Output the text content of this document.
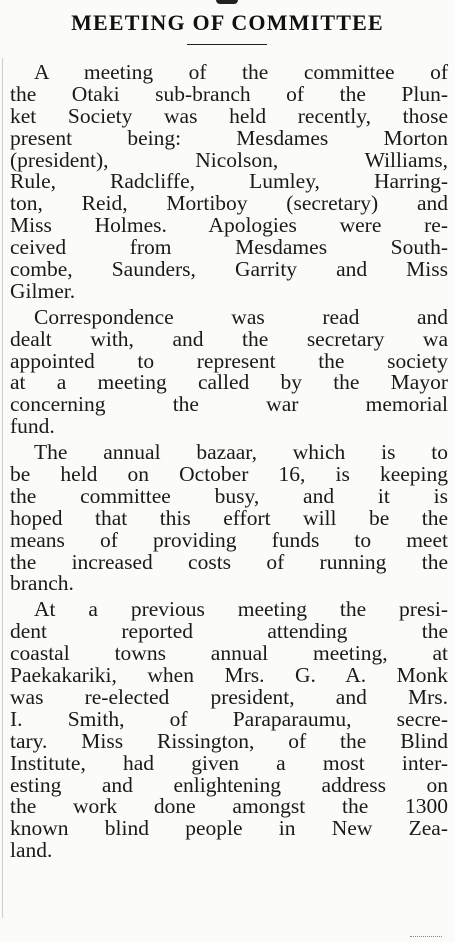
MEETING OF COMMITTEE
A meeting of the committee of
the Otaki sub-branch of the Plun-
ket Society was held recently, those
present being: Mesdames Morton
(president), Nicolson, Williams,
Rule, Radcliffe, Lumley, Harring-
ton, Reid, Mortiboy (secretary) and
Miss Holmes. Apologies were re-
ceived from Mesdames South-
combe, Saunders, Garrity and Miss
Gilmer.
Correspondence was read and
dealt with, and the secretary wa
appointed to represent the society
at a meeting called by the Mayor
concerning the war memorial
fund.
The annual bazaar, which is to
be held on October 16, is keeping
the committee busy, and it is
hoped that this effort will be the
means of providing funds to meet
the increased costs of running the
branch.
At a previous meeting the presi-
dent reported attending the
coastal towns annual meeting, at
Paekakariki, when Mrs. G. A. Monk
was re-elected president, and Mrs.
I. Smith, of Paraparaumu, secre-
tary. Miss Rissington, of the Blind
Institute, had given a most inter-
esting and enlightening address on
the work done amongst the 1300
known blind people in New Zea-
land.
